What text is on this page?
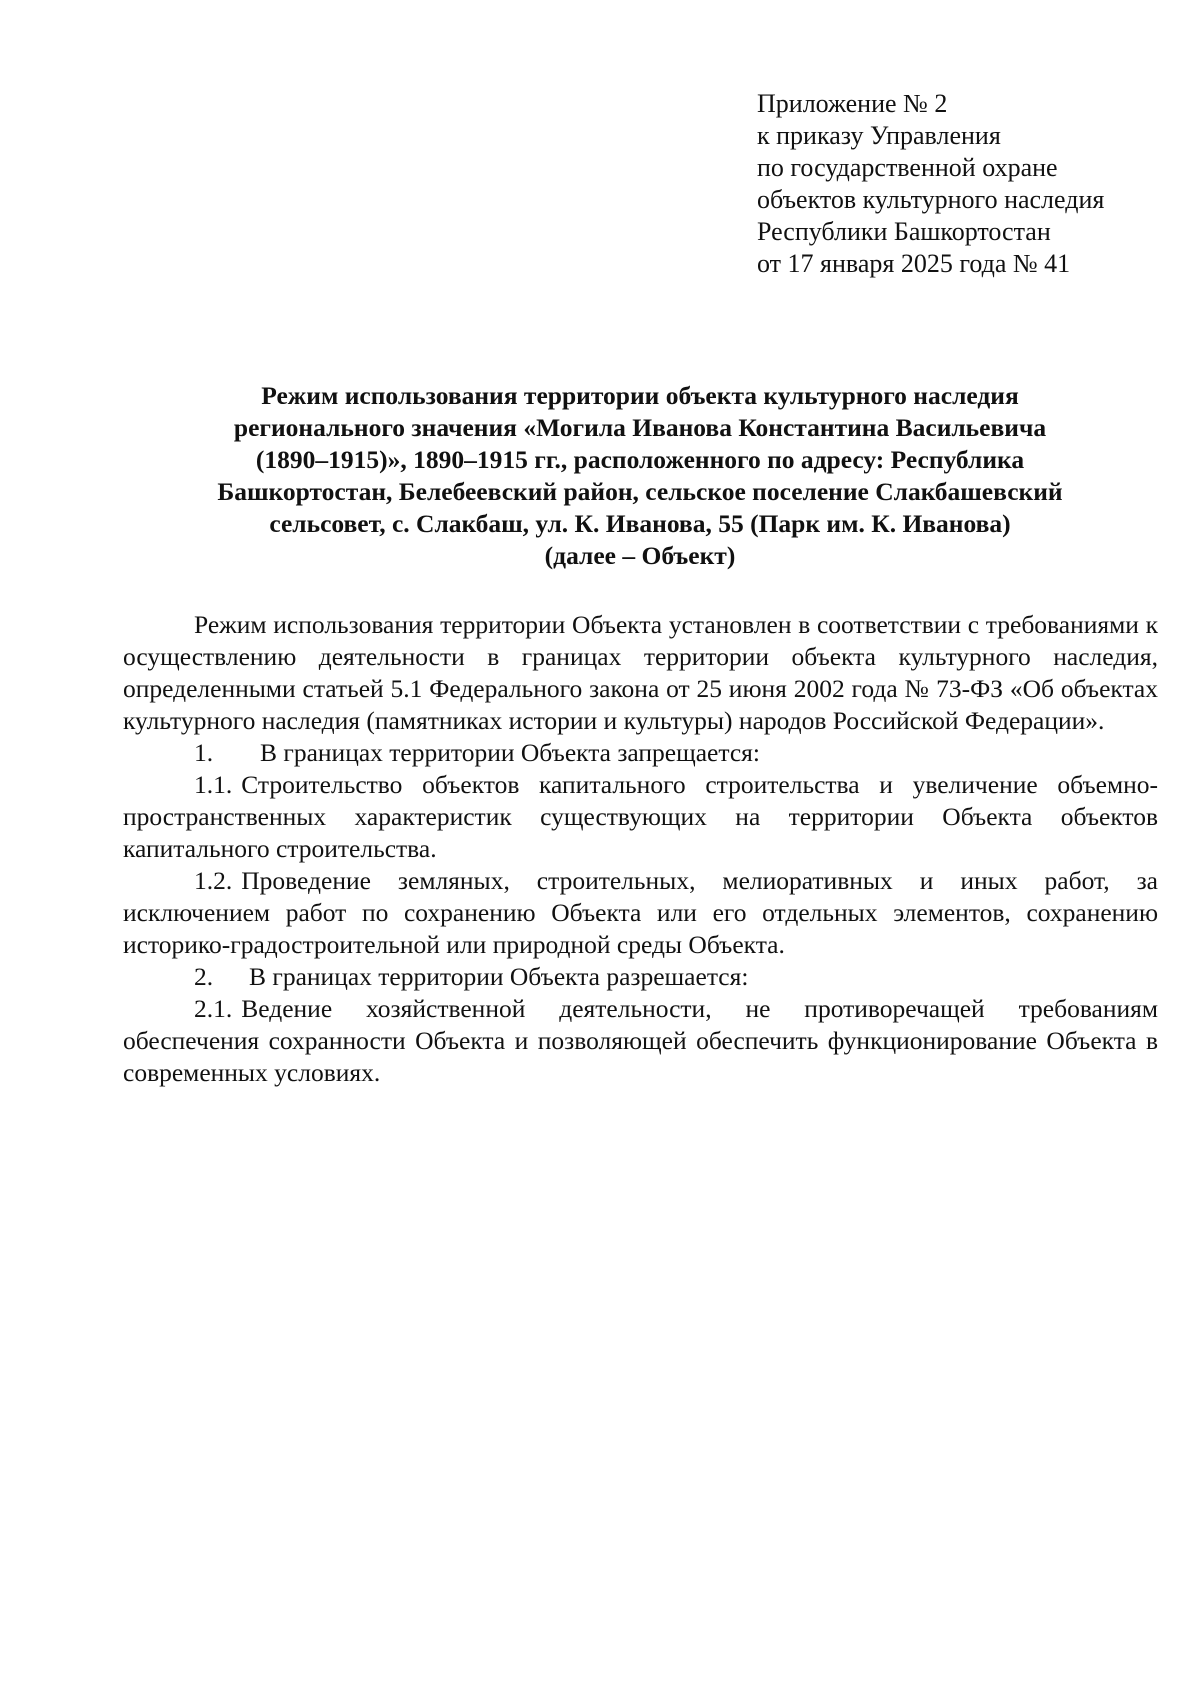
Приложение № 2
к приказу Управления
по государственной охране
объектов культурного наследия
Республики Башкортостан
от 17 января 2025 года № 41
Режим использования территории объекта культурного наследия
регионального значения «Могила Иванова Константина Васильевича
(1890–1915)», 1890–1915 гг., расположенного по адресу: Республика
Башкортостан, Белебеевский район, сельское поселение Слакбашевский
сельсовет, с. Слакбаш, ул. К. Иванова, 55 (Парк им. К. Иванова)
(далее – Объект)

Режим использования территории Объекта установлен в соответствии с требованиями к осуществлению деятельности в границах территории объекта культурного наследия, определенными статьей 5.1 Федерального закона от 25 июня 2002 года № 73-ФЗ «Об объектах культурного наследия (памятниках истории и культуры) народов Российской Федерации».

1. В границах территории Объекта запрещается:

1.1. Строительство объектов капитального строительства и увеличение объемно-пространственных характеристик существующих на территории Объекта объектов капитального строительства.

1.2. Проведение земляных, строительных, мелиоративных и иных работ, за исключением работ по сохранению Объекта или его отдельных элементов, сохранению историко-градостроительной или природной среды Объекта.

2. В границах территории Объекта разрешается:

2.1. Ведение хозяйственной деятельности, не противоречащей требованиям обеспечения сохранности Объекта и позволяющей обеспечить функционирование Объекта в современных условиях.
